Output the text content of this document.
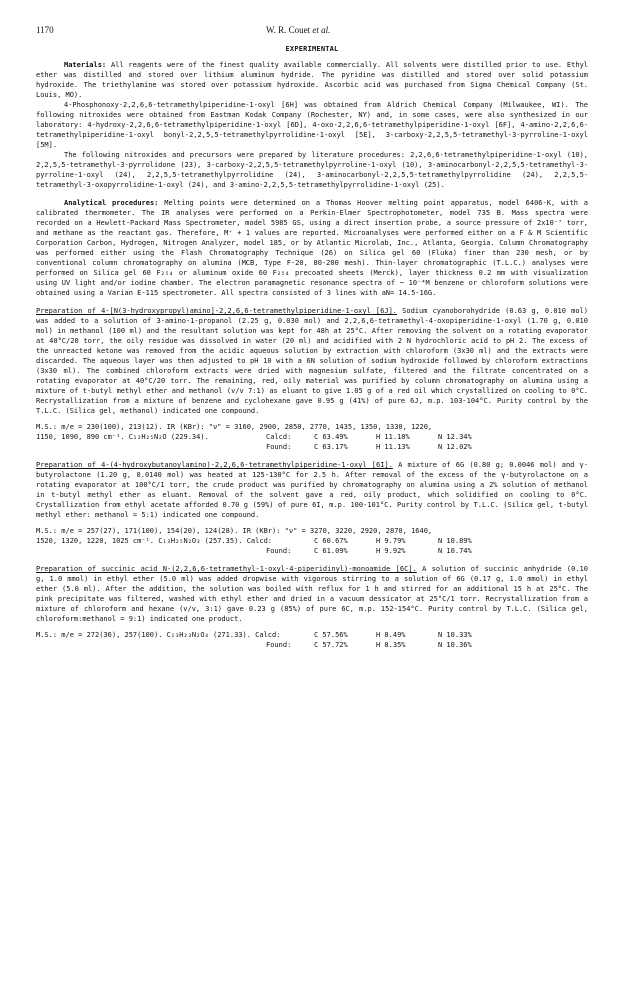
1170	W. R. Couet et al.
EXPERIMENTAL

Materials: All reagents were of the finest quality available commercially. All solvents were distilled prior to use. Ethyl ether was distilled and stored over lithium aluminum hydride. The pyridine was distilled and stored over solid potassium hydroxide. The triethylamine was stored over potassium hydroxide. Ascorbic acid was purchased from Sigma Chemical Company (St. Louis, MO).

4-Phosphonoxy-2,2,6,6-tetramethylpiperidine-1-oxyl [6H] was obtained from Aldrich Chemical Company (Milwaukee, WI). The following nitroxides were obtained from Eastman Kodak Company (Rochester, NY) and, in some cases, were also synthesized in our laboratory: 4-hydroxy-2,2,6,6-tetramethylpiperidine-1-oxyl [6D], 4-oxo-2,2,6,6-tetramethylpiperidine-1-oxyl [6F], 4-amino-2,2,6,6-tetramethylpiperidine-1-oxyl bonyl-2,2,5,5-tetramethylpyrrolidine-1-oxyl [5E], 3-carboxy-2,2,5,5-tetramethyl-3-pyrroline-1-oxyl [5M].

The following nitroxides and precursors were prepared by literature procedures: 2,2,6,6-tetramethylpiperidine-1-oxyl (10), 2,2,5,5-tetramethyl-3-pyrrolidone (23), 3-carboxy-2,2,5,5-tetramethylpyrroline-1-oxyl (10), 3-aminocarbonyl-2,2,5,5-tetramethyl-3-pyrroline-1-oxyl (24), 2,2,5,5-tetramethylpyrrolidine (24), 3-aminocarbonyl-2,2,5,5-tetramethylpyrrolidine (24), 2,2,5,5-tetramethyl-3-oxopyrrolidine-1-oxyl (24), and 3-amino-2,2,5,5-tetramethylpyrrolidine-1-oxyl (25).

Analytical procedures: Melting points were determined on a Thomas Hoover melting point apparatus, model 6406-K, with a calibrated thermometer. The IR analyses were performed on a Perkin-Elmer Spectrophotometer, model 735 B. Mass spectra were recorded on a Hewlett-Packard Mass Spectrometer, model 5985 GS, using a direct insertion probe, a source pressure of 2x10⁻⁷ torr, and methane as the reactant gas. Therefore, M⁺ + 1 values are reported. Microanalyses were performed either on a F & M Scientific Corporation Carbon, Hydrogen, Nitrogen Analyzer, model 185, or by Atlantic Microlab, Inc., Atlanta, Georgia. Column Chromatography was performed either using the Flash Chromatography Technique (26) on Silica gel 60 (Fluka) finer than 230 mesh, or by conventional column chromatography on alumina (MCB, Type F-20, 80-200 mesh). Thin-layer chromatographic (T.L.C.) analyses were performed on Silica gel 60 F₂₅₄ or aluminum oxide 60 F₂₅₄ precoated sheets (Merck), layer thickness 0.2 mm with visualization using UV light and/or iodine chamber. The electron paramagnetic resonance spectra of ~ 10⁻⁴M benzene or chloroform solutions were obtained using a Varian E-115 spectrometer. All spectra consisted of 3 lines with aN= 14.5-16G.

Preparation of 4-[N(3-hydroxypropyl)amino]-2,2,6,6-tetramethylpiperidine-1-oxyl [6J]. Sodium cyanoborohydride (0.63 g, 0.010 mol) was added to a solution of 3-amino-1-propanol (2.25 g, 0.030 mol) and 2,2,6,6-tetramethyl-4-oxopiperidine-1-oxyl (1.70 g, 0.010 mol) in methanol (100 ml) and the resultant solution was kept for 48h at 25°C. After removing the solvent on a rotating evaporator at 40°C/20 torr, the oily residue was dissolved in water (20 ml) and acidified with 2 N hydrochloric acid to pH 2. The excess of the unreacted ketone was removed from the acidic aqueous solution by extraction with chloroform (3x30 ml) and the extracts were discarded. The aqueous layer was then adjusted to pH 10 with a 6N solution of sodium hydroxide followed by chloroform extractions (3x30 ml). The combined chloroform extracts were dried with magnesium sulfate, filtered and the filtrate concentrated on a rotating evaporator at 40°C/20 torr. The remaining, red, oily material was purified by column chromatography on alumina using a mixture of t-butyl methyl ether and methanol (v/v 7:1) as eluant to give 1.05 g of a red oil which crystallized on cooling to 0°C. Recrystallization from a mixture of benzene and cyclohexane gave 0.95 g (41%) of pure 6J, m.p. 103-104°C. Purity control by the T.L.C. (Silica gel, methanol) indicated one compound.

M.S.: m/e = 230(100), 213(12). IR (KBr): "ν" = 3160, 2900, 2850, 2770, 1435, 1350, 1330, 1220,
1150, 1090, 890 cm⁻¹. C₁₂H₂₅N₂O (229.34).	Calcd:	C 63.49%	H 11.10%	N 12.34%
Found:	C 63.17%	H 11.13%	N 12.02%

Preparation of 4-(4-hydroxybutanoylamino)-2,2,6,6-tetramethylpiperidine-1-oxyl [6I]. A mixture of 6G (0.80 g; 0.0046 mol) and γ-butyrolactone (1.20 g, 0.0140 mol) was heated at 125-130°C for 2.5 h. After removal of the excess of the γ-butyrolactone on a rotating evaporator at 100°C/1 torr, the crude product was purified by chromatography on alumina using a 2% solution of methanol in t-butyl methyl ether as eluant. Removal of the solvent gave a red, oily product, which solidified on cooling to 0°C. Crystallization from ethyl acetate afforded 0.70 g (59%) of pure 6I, m.p. 100-101°C. Purity control by T.L.C. (Silica gel, t-butyl methyl ether: methanol = 5:1) indicated one compound.

M.S.: m/e = 257(27), 171(100), 154(20), 124(28). IR (KBr): "ν" = 3270, 3220, 2920, 2870, 1640,
1520, 1320, 1220, 1025 cm⁻¹. C₁₃H₂₅N₂O₃ (257.35). Calcd:	C 60.67%	H 9.79%	N 10.89%
Found:	C 61.09%	H 9.92%	N 10.74%

Preparation of succinic acid N-(2,2,6,6-tetramethyl-1-oxyl-4-piperidinyl)-monoamide [6C]. A solution of succinic anhydride (0.10 g, 1.0 mmol) in ethyl ether (5.0 ml) was added dropwise with vigorous stirring to a solution of 6G (0.17 g, 1.0 mmol) in ethyl ether (5.0 ml). After the addition, the solution was boiled with reflux for 1 h and stirred for an additional 15 h at 25°C. The pink precipitate was filtered, washed with ethyl ether and dried in a vacuum dessicator at 25°C/1 torr. Recrystallization from a mixture of chloroform and hexane (v/v, 3:1) gave 0.23 g (85%) of pure 6C, m.p. 152-154°C. Purity control by T.L.C. (Silica gel, chloroform:methanol = 9:1) indicated one product.

M.S.: m/e = 272(36), 257(100). C₁₃H₂₃N₂O₄ (271.33). Calcd:	C 57.56%	H 8.49%	N 10.33%
Found:	C 57.72%	H 8.35%	N 10.36%
